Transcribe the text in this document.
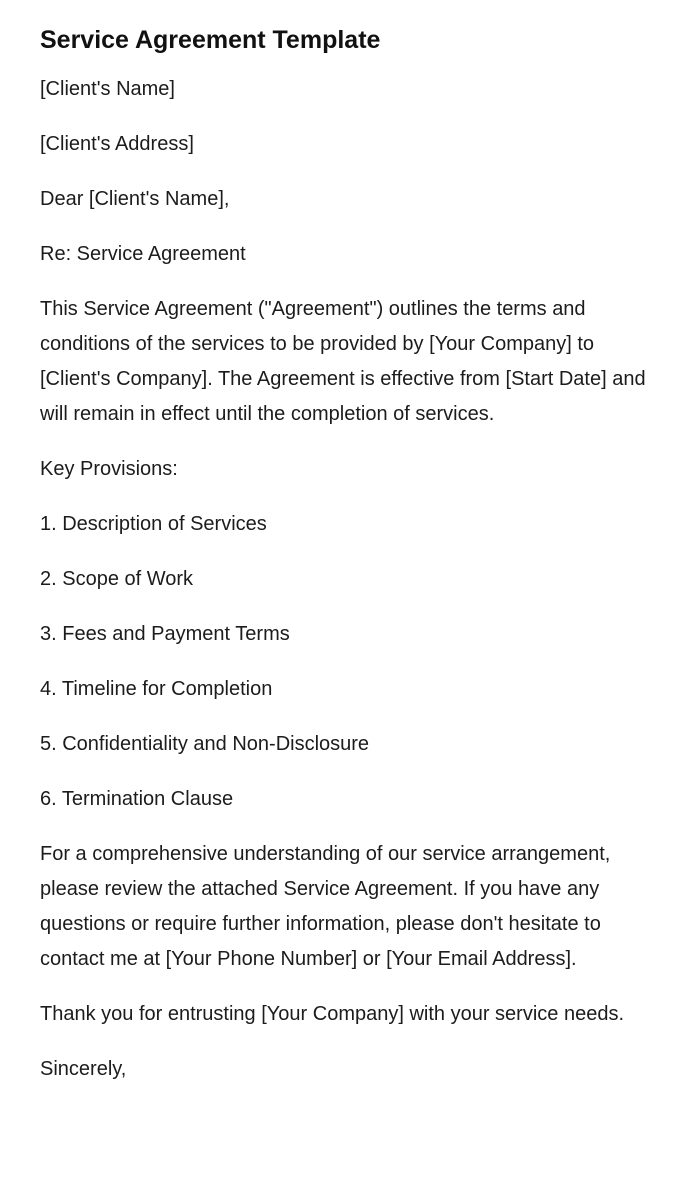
Service Agreement Template

[Client's Name]

[Client's Address]

Dear [Client's Name],

Re: Service Agreement

This Service Agreement ("Agreement") outlines the terms and conditions of the services to be provided by [Your Company] to [Client's Company]. The Agreement is effective from [Start Date] and will remain in effect until the completion of services.

Key Provisions:

1. Description of Services

2. Scope of Work

3. Fees and Payment Terms

4. Timeline for Completion

5. Confidentiality and Non-Disclosure

6. Termination Clause

For a comprehensive understanding of our service arrangement, please review the attached Service Agreement. If you have any questions or require further information, please don't hesitate to contact me at [Your Phone Number] or [Your Email Address].

Thank you for entrusting [Your Company] with your service needs.

Sincerely,
